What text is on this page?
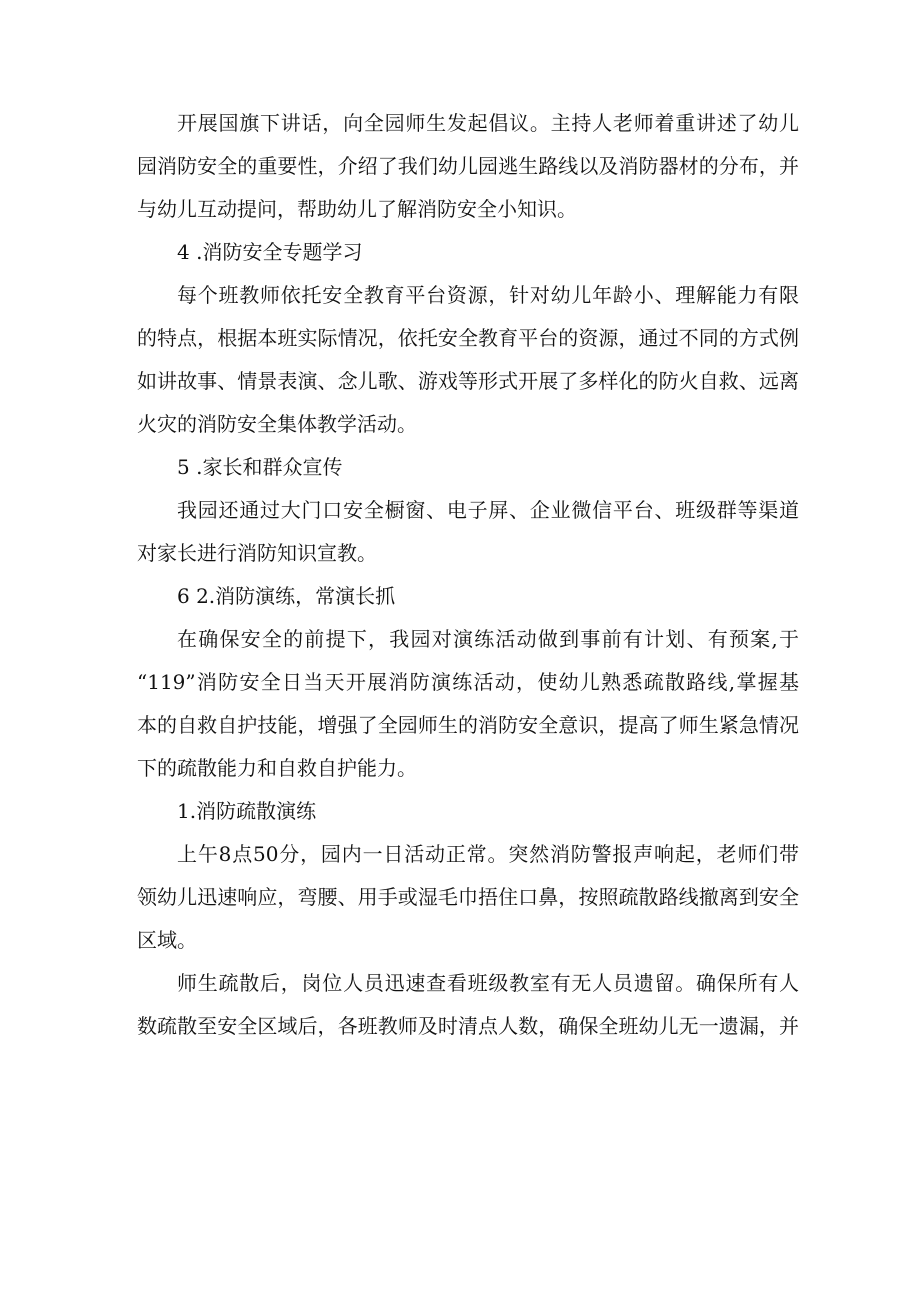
开展国旗下讲话，向全园师生发起倡议。主持人老师着重讲述了幼儿
园消防安全的重要性，介绍了我们幼儿园逃生路线以及消防器材的分布，并
与幼儿互动提问，帮助幼儿了解消防安全小知识。
4 .消防安全专题学习
每个班教师依托安全教育平台资源，针对幼儿年龄小、理解能力有限
的特点，根据本班实际情况，依托安全教育平台的资源，通过不同的方式例
如讲故事、情景表演、念儿歌、游戏等形式开展了多样化的防火自救、远离
火灾的消防安全集体教学活动。
5 .家长和群众宣传
我园还通过大门口安全橱窗、电子屏、企业微信平台、班级群等渠道
对家长进行消防知识宣教。
6 2.消防演练，常演长抓
在确保安全的前提下，我园对演练活动做到事前有计划、有预案,于
“119”消防安全日当天开展消防演练活动，使幼儿熟悉疏散路线,掌握基
本的自救自护技能，增强了全园师生的消防安全意识，提高了师生紧急情况
下的疏散能力和自救自护能力。
1.消防疏散演练
上午8点50分，园内一日活动正常。突然消防警报声响起，老师们带
领幼儿迅速响应，弯腰、用手或湿毛巾捂住口鼻，按照疏散路线撤离到安全
区域。
师生疏散后，岗位人员迅速查看班级教室有无人员遗留。确保所有人
数疏散至安全区域后，各班教师及时清点人数，确保全班幼儿无一遗漏，并
